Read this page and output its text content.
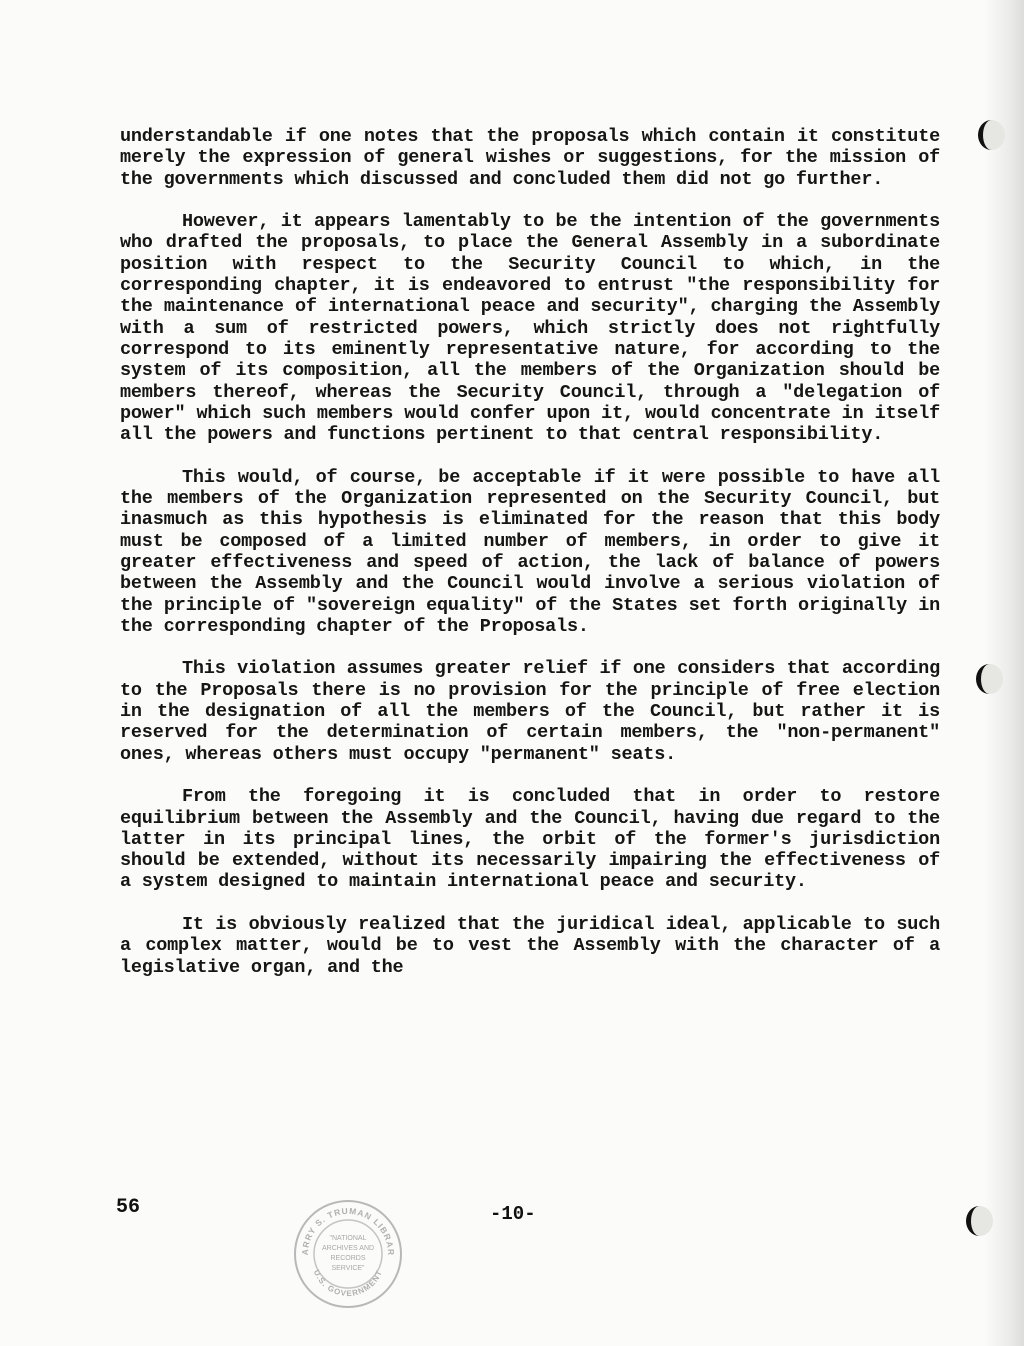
understandable if one notes that the proposals which contain it constitute merely the expression of general wishes or suggestions, for the mission of the governments which discussed and concluded them did not go further.

However, it appears lamentably to be the intention of the governments who drafted the proposals, to place the General Assembly in a subordinate position with respect to the Security Council to which, in the corresponding chapter, it is endeavored to entrust "the responsibility for the maintenance of international peace and security", charging the Assembly with a sum of restricted powers, which strictly does not rightfully correspond to its eminently representative nature, for according to the system of its composition, all the members of the Organization should be members thereof, whereas the Security Council, through a "delegation of power" which such members would confer upon it, would concentrate in itself all the powers and functions pertinent to that central responsibility.

This would, of course, be acceptable if it were possible to have all the members of the Organization represented on the Security Council, but inasmuch as this hypothesis is eliminated for the reason that this body must be composed of a limited number of members, in order to give it greater effectiveness and speed of action, the lack of balance of powers between the Assembly and the Council would involve a serious violation of the principle of "sovereign equality" of the States set forth originally in the corresponding chapter of the Proposals.

This violation assumes greater relief if one considers that according to the Proposals there is no provision for the principle of free election in the designation of all the members of the Council, but rather it is reserved for the determination of certain members, the "non-permanent" ones, whereas others must occupy "permanent" seats.

From the foregoing it is concluded that in order to restore equilibrium between the Assembly and the Council, having due regard to the latter in its principal lines, the orbit of the former's jurisdiction should be extended, without its necessarily impairing the effectiveness of a system designed to maintain international peace and security.

It is obviously realized that the juridical ideal, applicable to such a complex matter, would be to vest the Assembly with the character of a legislative organ, and the

56	-10-
ARRY S. TRUMAN LIBRAR
U.S. GOVERNMENT
"NATIONAL
ARCHIVES AND
RECORDS
SERVICE"
